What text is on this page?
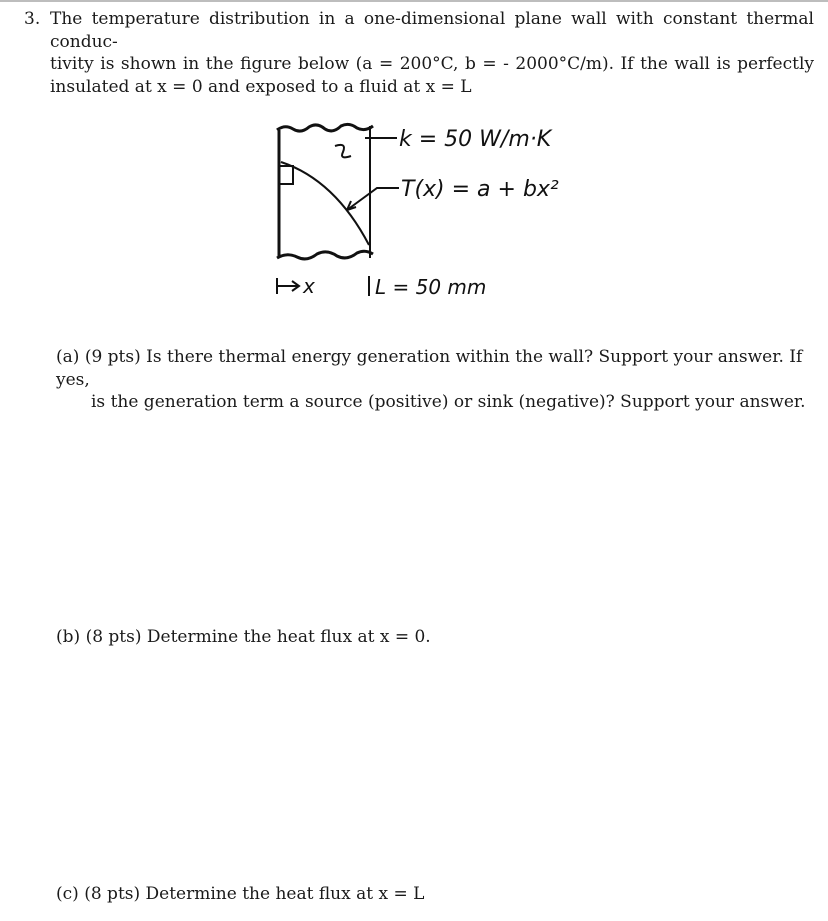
3. The temperature distribution in a one-dimensional plane wall with constant thermal conduc-
tivity is shown in the figure below (a = 200°C, b = - 2000°C/m). If the wall is perfectly
insulated at x = 0 and exposed to a fluid at x = L
k = 50 W/m·K
T(x) = a + bx²
x	L = 50 mm
(a) (9 pts) Is there thermal energy generation within the wall? Support your answer. If yes,
is the generation term a source (positive) or sink (negative)? Support your answer.
(b) (8 pts) Determine the heat flux at x = 0.
(c) (8 pts) Determine the heat flux at x = L
